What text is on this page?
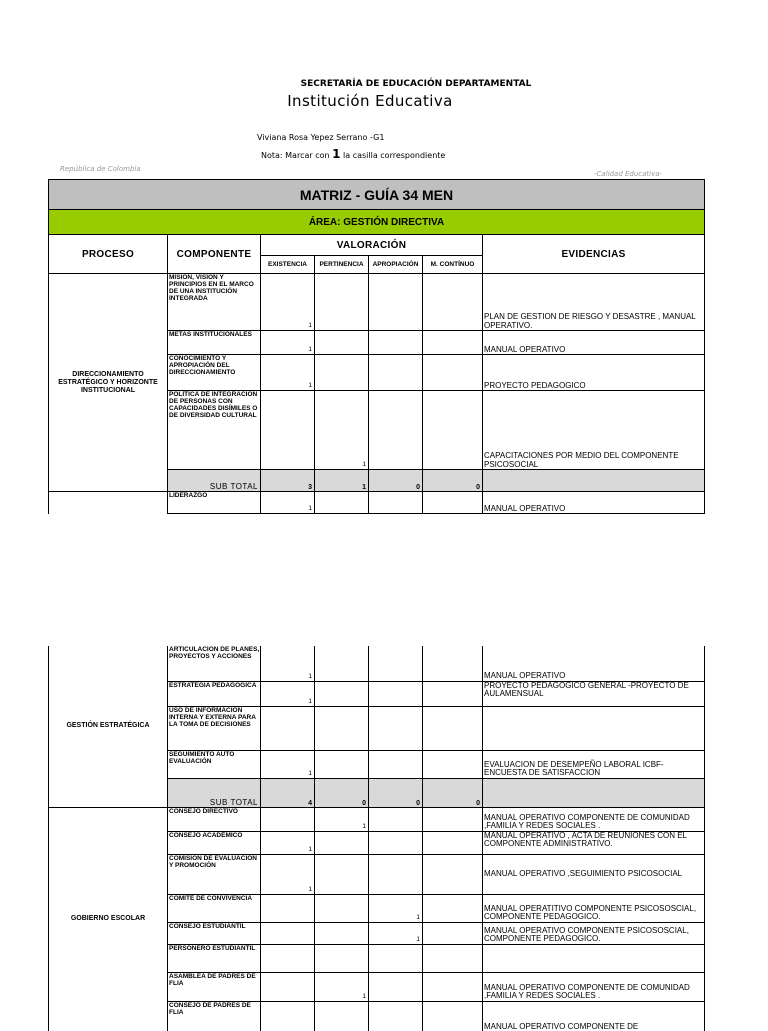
SECRETARÍA DE EDUCACIÓN DEPARTAMENTAL
Institución Educativa
Viviana Rosa Yepez Serrano -G1
Nota: Marcar con 1 la casilla correspondiente
República de Colombia
-Calidad Educativa-
MATRIZ - GUÍA 34 MEN						
ÁREA: GESTIÓN DIRECTIVA						
PROCESO	COMPONENTE	VALORACIÓN				EVIDENCIAS
		EXISTENCIA	PERTINENCIA	APROPIACIÓN	M. CONTÍNUO	
DIRECCIONAMIENTO ESTRATÉGICO Y HORIZONTE INSTITUCIONAL	MISIÓN, VISIÓN Y PRINCIPIOS EN EL MARCO DE UNA INSTITUCIÓN INTEGRADA	1				PLAN DE GESTION DE RIESGO Y DESASTRE , MANUAL OPERATIVO.
	METAS INSTITUCIONALES	1				MANUAL OPERATIVO
	CONOCIMIENTO Y APROPIACIÓN DEL DIRECCIONAMIENTO	1				PROYECTO PEDAGOGICO
	POLÍTICA DE INTEGRACIÓN DE PERSONAS CON CAPACIDADES DISÍMILES O DE DIVERSIDAD CULTURAL		1			CAPACITACIONES POR MEDIO DEL COMPONENTE PSICOSOCIAL
	SUB TOTAL	3	1	0	0	
	LIDERAZGO	1				MANUAL OPERATIVO
GESTIÓN ESTRATÉGICA	ARTICULACIÓN DE PLANES, PROYECTOS Y ACCIONES	1				MANUAL OPERATIVO
	ESTRATEGIA PEDAGÓGICA	1				PROYECTO PEDAGOGICO GENERAL -PROYECTO DE AULAMENSUAL
	USO DE INFORMACIÓN INTERNA Y EXTERNA PARA LA TOMA DE DECISIONES					
	SEGUIMIENTO AUTO EVALUACIÓN	1				EVALUACION DE DESEMPEÑO LABORAL ICBF- ENCUESTA DE SATISFACCION
	SUB TOTAL	4	0	0	0	
GOBIERNO ESCOLAR	CONSEJO DIRECTIVO		1			MANUAL OPERATIVO COMPONENTE DE COMUNIDAD ,FAMILIA Y REDES SOCIALES .
	CONSEJO ACADÉMICO	1				MANUAL OPERATIVO , ACTA DE REUNIONES CON EL COMPONENTE ADMINISTRATIVO.
	COMISIÓN DE EVALUACIÓN Y PROMOCIÓN	1				MANUAL OPERATIVO ,SEGUIMIENTO PSICOSOCIAL
	COMITÉ DE CONVIVENCIA			1		MANUAL OPERATITIVO COMPONENTE PSICOSOSCIAL, COMPONENTE PEDAGOGICO.
	CONSEJO ESTUDIANTIL			1		MANUAL OPERATIVO COMPONENTE PSICOSOSCIAL, COMPONENTE PEDAGOGICO.
	PERSONERO ESTUDIANTIL					
	ASAMBLEA DE PADRES DE FLIA		1			MANUAL OPERATIVO COMPONENTE DE COMUNIDAD ,FAMILIA Y REDES SOCIALES .
	CONSEJO DE PADRES DE FLIA					MANUAL OPERATIVO COMPONENTE DE
